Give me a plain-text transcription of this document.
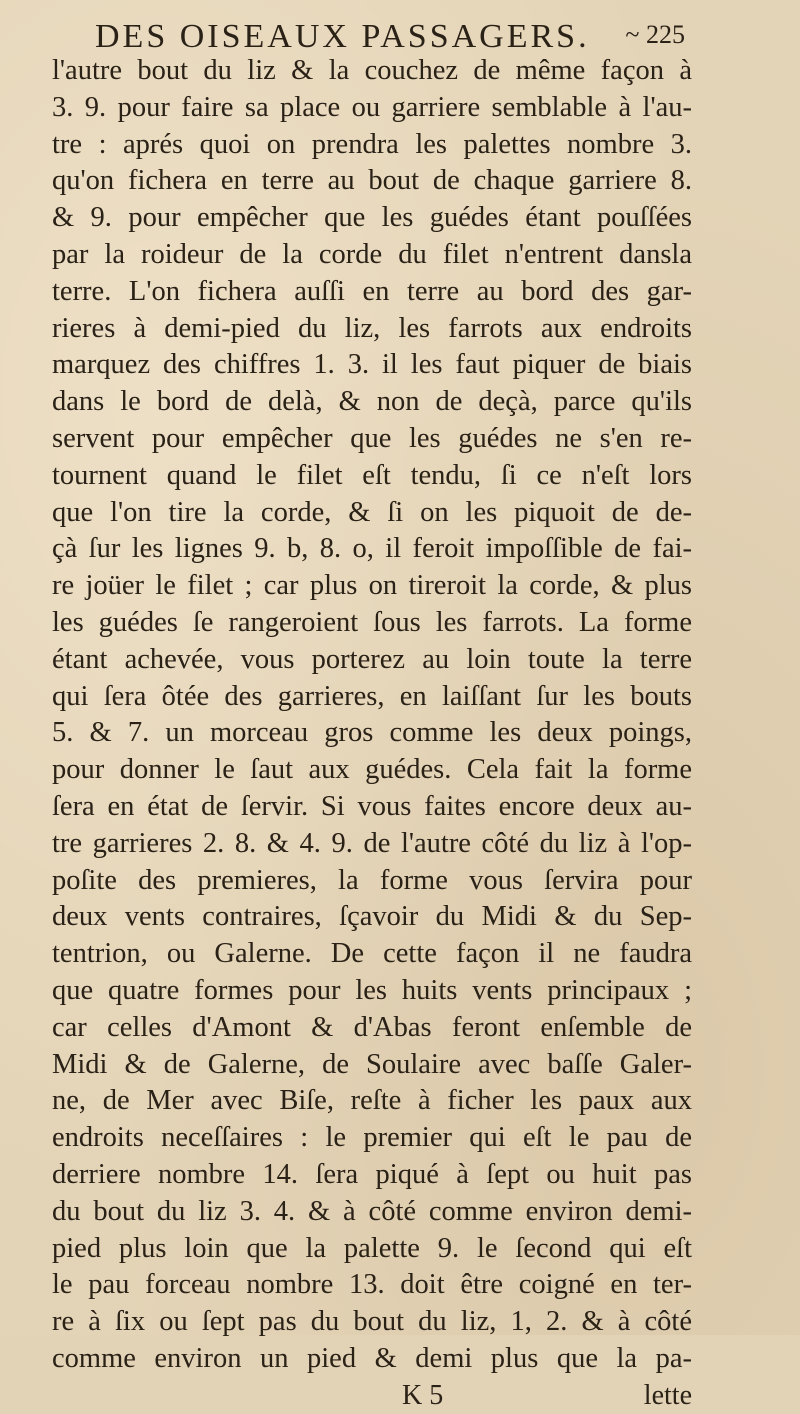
DES OISEAUX PASSAGERS. ~ 225
l'autre bout du liz & la couchez de même façon à
3. 9. pour faire sa place ou garriere semblable à l'au-
tre : aprés quoi on prendra les palettes nombre 3.
qu'on fichera en terre au bout de chaque garriere 8.
& 9. pour empêcher que les guédes étant pouſſées
par la roideur de la corde du filet n'entrent dansla
terre. L'on fichera auſſi en terre au bord des gar-
rieres à demi-pied du liz, les farrots aux endroits
marquez des chiffres 1. 3. il les faut piquer de biais
dans le bord de delà, & non de deçà, parce qu'ils
servent pour empêcher que les guédes ne s'en re-
tournent quand le filet eſt tendu, ſi ce n'eſt lors
que l'on tire la corde, & ſi on les piquoit de de-
çà ſur les lignes 9. b, 8. o, il feroit impoſſible de fai-
re joüer le filet ; car plus on tireroit la corde, & plus
les guédes ſe rangeroient ſous les farrots. La forme
étant achevée, vous porterez au loin toute la terre
qui ſera ôtée des garrieres, en laiſſant ſur les bouts
5. & 7. un morceau gros comme les deux poings,
pour donner le ſaut aux guédes. Cela fait la forme
ſera en état de ſervir. Si vous faites encore deux au-
tre garrieres 2. 8. & 4. 9. de l'autre côté du liz à l'op-
poſite des premieres, la forme vous ſervira pour
deux vents contraires, ſçavoir du Midi & du Sep-
tentrion, ou Galerne. De cette façon il ne faudra
que quatre formes pour les huits vents principaux ;
car celles d'Amont & d'Abas feront enſemble de
Midi & de Galerne, de Soulaire avec baſſe Galer-
ne, de Mer avec Biſe, reſte à ficher les paux aux
endroits neceſſaires : le premier qui eſt le pau de
derriere nombre 14. ſera piqué à ſept ou huit pas
du bout du liz 3. 4. & à côté comme environ demi-
pied plus loin que la palette 9. le ſecond qui eſt
le pau forceau nombre 13. doit être coigné en ter-
re à ſix ou ſept pas du bout du liz, 1, 2. & à côté
comme environ un pied & demi plus que la pa-
K 5	lette
